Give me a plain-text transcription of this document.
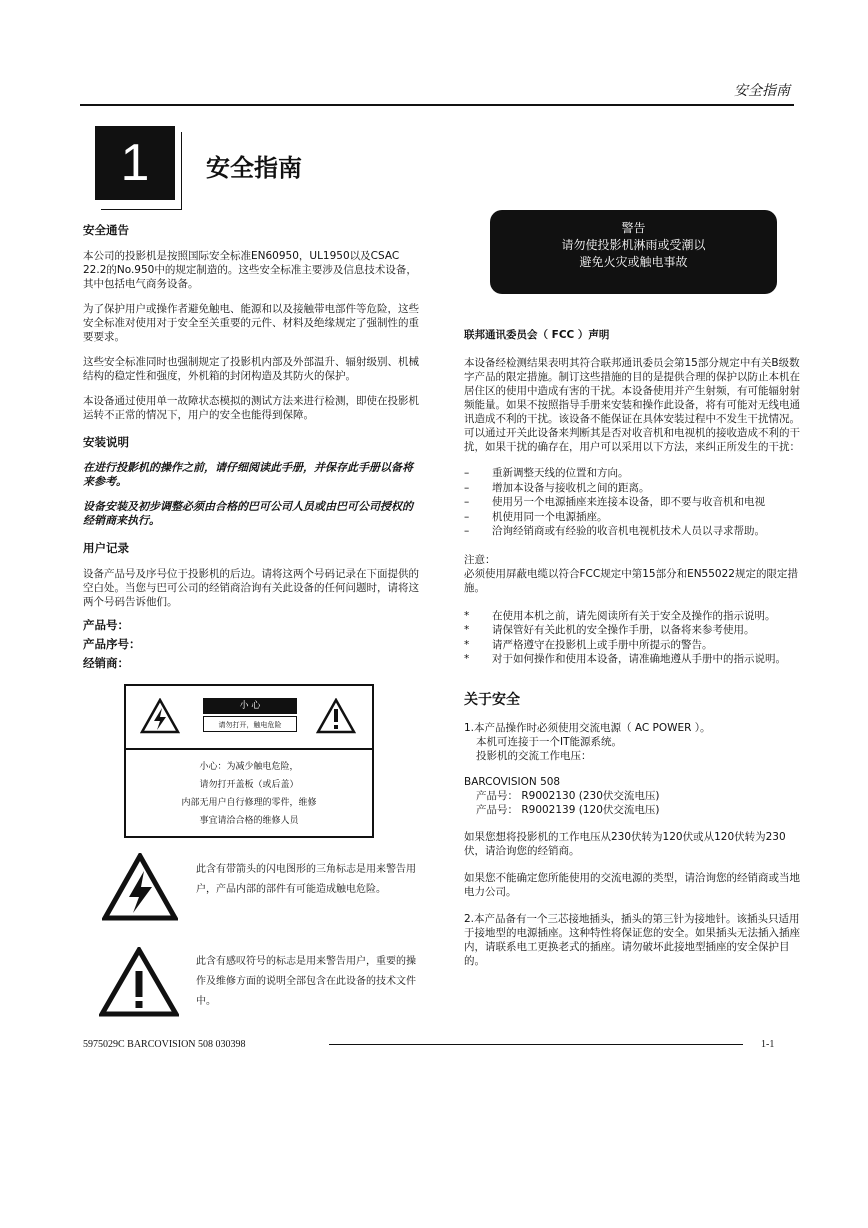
安全指南
1	安全指南

安全通告

本公司的投影机是按照国际安全标准EN60950，UL1950以及CSAC 22.2的No.950中的规定制造的。这些安全标准主要涉及信息技术设备，其中包括电气商务设备。

为了保护用户或操作者避免触电、能源和以及接触带电部件等危险，这些安全标准对使用对于安全至关重要的元件、材料及绝缘规定了强制性的重要要求。

这些安全标准同时也强制规定了投影机内部及外部温升、辐射级别、机械结构的稳定性和强度，外机箱的封闭构造及其防火的保护。

本设备通过使用单一故障状态模拟的测试方法来进行检测，即使在投影机运转不正常的情况下，用户的安全也能得到保障。

安装说明

在进行投影机的操作之前，请仔细阅读此手册，并保存此手册以备将来参考。

设备安装及初步调整必须由合格的巴可公司人员或由巴可公司授权的经销商来执行。

用户记录

设备产品号及序号位于投影机的后边。请将这两个号码记录在下面提供的空白处。当您与巴可公司的经销商洽询有关此设备的任何问题时，请将这两个号码告诉他们。

产品号：

产品序号：

经销商：

小 心
请勿打开，触电危险
小心：为减少触电危险，
请勿打开盖板（或后盖）
内部无用户自行修理的零件，维修
事宜请洽合格的维修人员
此含有带箭头的闪电图形的三角标志是用来警告用户，产品内部的部件有可能造成触电危险。
此含有感叹符号的标志是用来警告用户，重要的操作及维修方面的说明全部包含在此设备的技术文件中。
警告
请勿使投影机淋雨或受潮以
避免火灾或触电事故

联邦通讯委员会（ FCC ）声明

本设备经检测结果表明其符合联邦通讯委员会第15部分规定中有关B级数字产品的限定措施。制订这些措施的目的是提供合理的保护以防止本机在居住区的使用中造成有害的干扰。本设备使用并产生射频，有可能辐射射频能量。如果不按照指导手册来安装和操作此设备，将有可能对无线电通讯造成不利的干扰。该设备不能保证在具体安装过程中不发生干扰情况。可以通过开关此设备来判断其是否对收音机和电视机的接收造成不利的干扰，如果干扰的确存在，用户可以采用以下方法，来纠正所发生的干扰：

– 重新调整天线的位置和方向。
– 增加本设备与接收机之间的距离。
– 使用另一个电源插座来连接本设备，即不要与收音机和电视
– 机使用同一个电源插座。
– 洽询经销商或有经验的收音机电视机技术人员以寻求帮助。

注意：

必须使用屏蔽电缆以符合FCC规定中第15部分和EN55022规定的限定措施。

* 在使用本机之前，请先阅读所有关于安全及操作的指示说明。
* 请保管好有关此机的安全操作手册，以备将来参考使用。
* 请严格遵守在投影机上或手册中所提示的警告。
* 对于如何操作和使用本设备，请准确地遵从手册中的指示说明。

关于安全

1.本产品操作时必须使用交流电源（ AC POWER ）。

本机可连接于一个IT能源系统。

投影机的交流工作电压：

BARCOVISION 508

产品号： R9002130 (230伏交流电压)

产品号： R9002139 (120伏交流电压)

如果您想将投影机的工作电压从230伏转为120伏或从120伏转为230伏，请洽询您的经销商。

如果您不能确定您所能使用的交流电源的类型，请洽询您的经销商或当地电力公司。

2.本产品备有一个三芯接地插头，插头的第三针为接地针。该插头只适用于接地型的电源插座。这种特性将保证您的安全。如果插头无法插入插座内，请联系电工更换老式的插座。请勿破坏此接地型插座的安全保护目的。

5975029C BARCOVISION 508 030398	1-1
